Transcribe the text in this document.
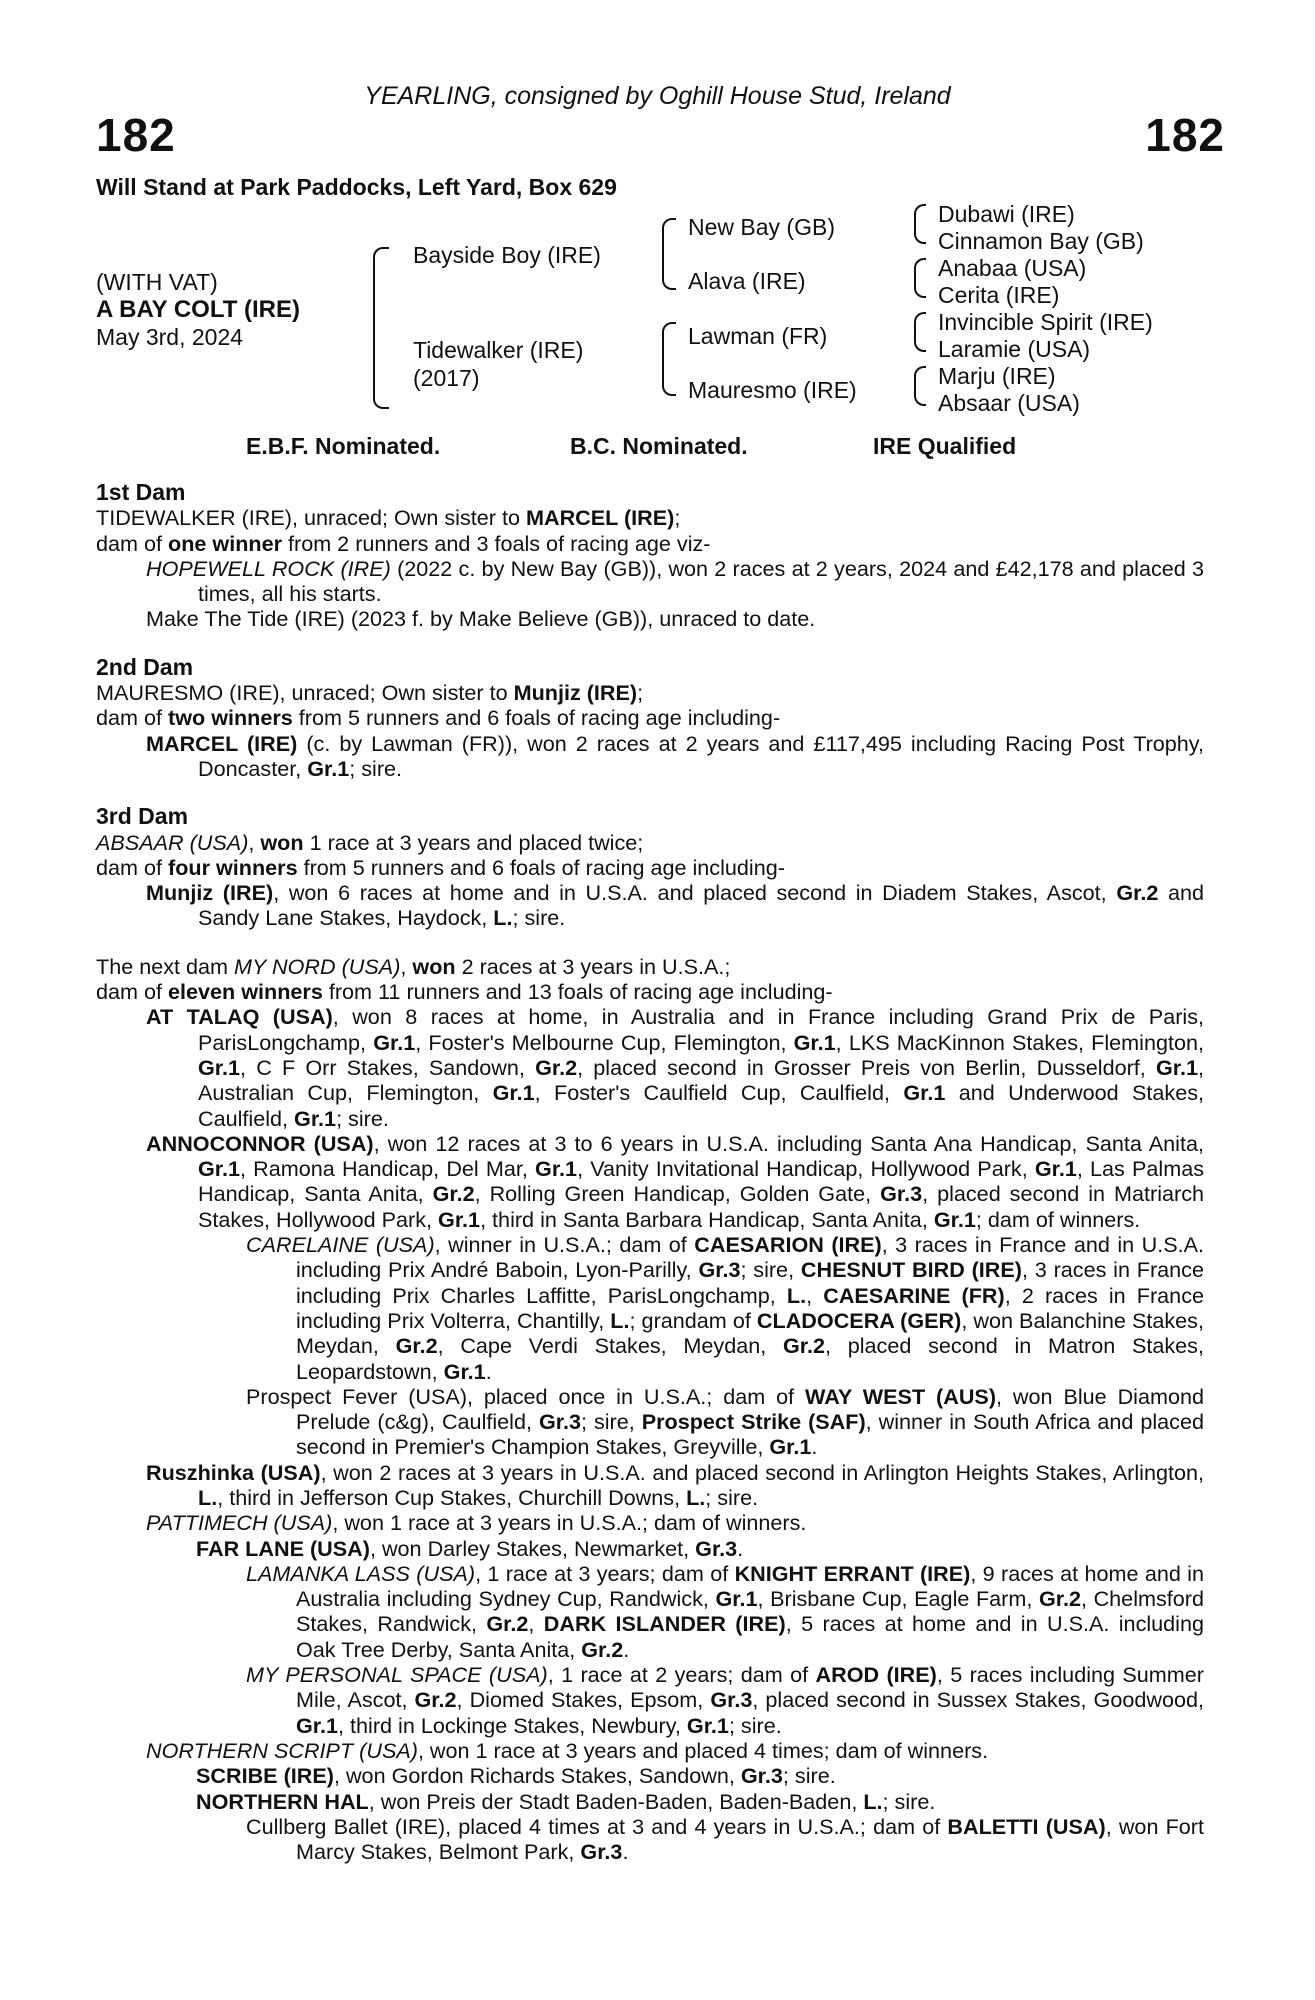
YEARLING, consigned by Oghill House Stud, Ireland
182	182
Will Stand at Park Paddocks, Left Yard, Box 629
(WITH VAT)
A BAY COLT (IRE)
May 3rd, 2024
Bayside Boy (IRE)
Tidewalker (IRE)
(2017)
New Bay (GB)
Alava (IRE)
Lawman (FR)
Mauresmo (IRE)
Dubawi (IRE)
Cinnamon Bay (GB)
Anabaa (USA)
Cerita (IRE)
Invincible Spirit (IRE)
Laramie (USA)
Marju (IRE)
Absaar (USA)
E.B.F. Nominated.	B.C. Nominated.	IRE Qualified

1st Dam

TIDEWALKER (IRE), unraced; Own sister to MARCEL (IRE);

dam of one winner from 2 runners and 3 foals of racing age viz-

HOPEWELL ROCK (IRE) (2022 c. by New Bay (GB)), won 2 races at 2 years, 2024 and £42,178 and placed 3 times, all his starts.

Make The Tide (IRE) (2023 f. by Make Believe (GB)), unraced to date.

2nd Dam

MAURESMO (IRE), unraced; Own sister to Munjiz (IRE);

dam of two winners from 5 runners and 6 foals of racing age including-

MARCEL (IRE) (c. by Lawman (FR)), won 2 races at 2 years and £117,495 including Racing Post Trophy, Doncaster, Gr.1; sire.

3rd Dam

ABSAAR (USA), won 1 race at 3 years and placed twice;

dam of four winners from 5 runners and 6 foals of racing age including-

Munjiz (IRE), won 6 races at home and in U.S.A. and placed second in Diadem Stakes, Ascot, Gr.2 and Sandy Lane Stakes, Haydock, L.; sire.

The next dam MY NORD (USA), won 2 races at 3 years in U.S.A.;

dam of eleven winners from 11 runners and 13 foals of racing age including-

AT TALAQ (USA), won 8 races at home, in Australia and in France including Grand Prix de Paris, ParisLongchamp, Gr.1, Foster's Melbourne Cup, Flemington, Gr.1, LKS MacKinnon Stakes, Flemington, Gr.1, C F Orr Stakes, Sandown, Gr.2, placed second in Grosser Preis von Berlin, Dusseldorf, Gr.1, Australian Cup, Flemington, Gr.1, Foster's Caulfield Cup, Caulfield, Gr.1 and Underwood Stakes, Caulfield, Gr.1; sire.

ANNOCONNOR (USA), won 12 races at 3 to 6 years in U.S.A. including Santa Ana Handicap, Santa Anita, Gr.1, Ramona Handicap, Del Mar, Gr.1, Vanity Invitational Handicap, Hollywood Park, Gr.1, Las Palmas Handicap, Santa Anita, Gr.2, Rolling Green Handicap, Golden Gate, Gr.3, placed second in Matriarch Stakes, Hollywood Park, Gr.1, third in Santa Barbara Handicap, Santa Anita, Gr.1; dam of winners.

CARELAINE (USA), winner in U.S.A.; dam of CAESARION (IRE), 3 races in France and in U.S.A. including Prix André Baboin, Lyon-Parilly, Gr.3; sire, CHESNUT BIRD (IRE), 3 races in France including Prix Charles Laffitte, ParisLongchamp, L., CAESARINE (FR), 2 races in France including Prix Volterra, Chantilly, L.; grandam of CLADOCERA (GER), won Balanchine Stakes, Meydan, Gr.2, Cape Verdi Stakes, Meydan, Gr.2, placed second in Matron Stakes, Leopardstown, Gr.1.

Prospect Fever (USA), placed once in U.S.A.; dam of WAY WEST (AUS), won Blue Diamond Prelude (c&g), Caulfield, Gr.3; sire, Prospect Strike (SAF), winner in South Africa and placed second in Premier's Champion Stakes, Greyville, Gr.1.

Ruszhinka (USA), won 2 races at 3 years in U.S.A. and placed second in Arlington Heights Stakes, Arlington, L., third in Jefferson Cup Stakes, Churchill Downs, L.; sire.

PATTIMECH (USA), won 1 race at 3 years in U.S.A.; dam of winners.

FAR LANE (USA), won Darley Stakes, Newmarket, Gr.3.

LAMANKA LASS (USA), 1 race at 3 years; dam of KNIGHT ERRANT (IRE), 9 races at home and in Australia including Sydney Cup, Randwick, Gr.1, Brisbane Cup, Eagle Farm, Gr.2, Chelmsford Stakes, Randwick, Gr.2, DARK ISLANDER (IRE), 5 races at home and in U.S.A. including Oak Tree Derby, Santa Anita, Gr.2.

MY PERSONAL SPACE (USA), 1 race at 2 years; dam of AROD (IRE), 5 races including Summer Mile, Ascot, Gr.2, Diomed Stakes, Epsom, Gr.3, placed second in Sussex Stakes, Goodwood, Gr.1, third in Lockinge Stakes, Newbury, Gr.1; sire.

NORTHERN SCRIPT (USA), won 1 race at 3 years and placed 4 times; dam of winners.

SCRIBE (IRE), won Gordon Richards Stakes, Sandown, Gr.3; sire.

NORTHERN HAL, won Preis der Stadt Baden-Baden, Baden-Baden, L.; sire.

Cullberg Ballet (IRE), placed 4 times at 3 and 4 years in U.S.A.; dam of BALETTI (USA), won Fort Marcy Stakes, Belmont Park, Gr.3.
